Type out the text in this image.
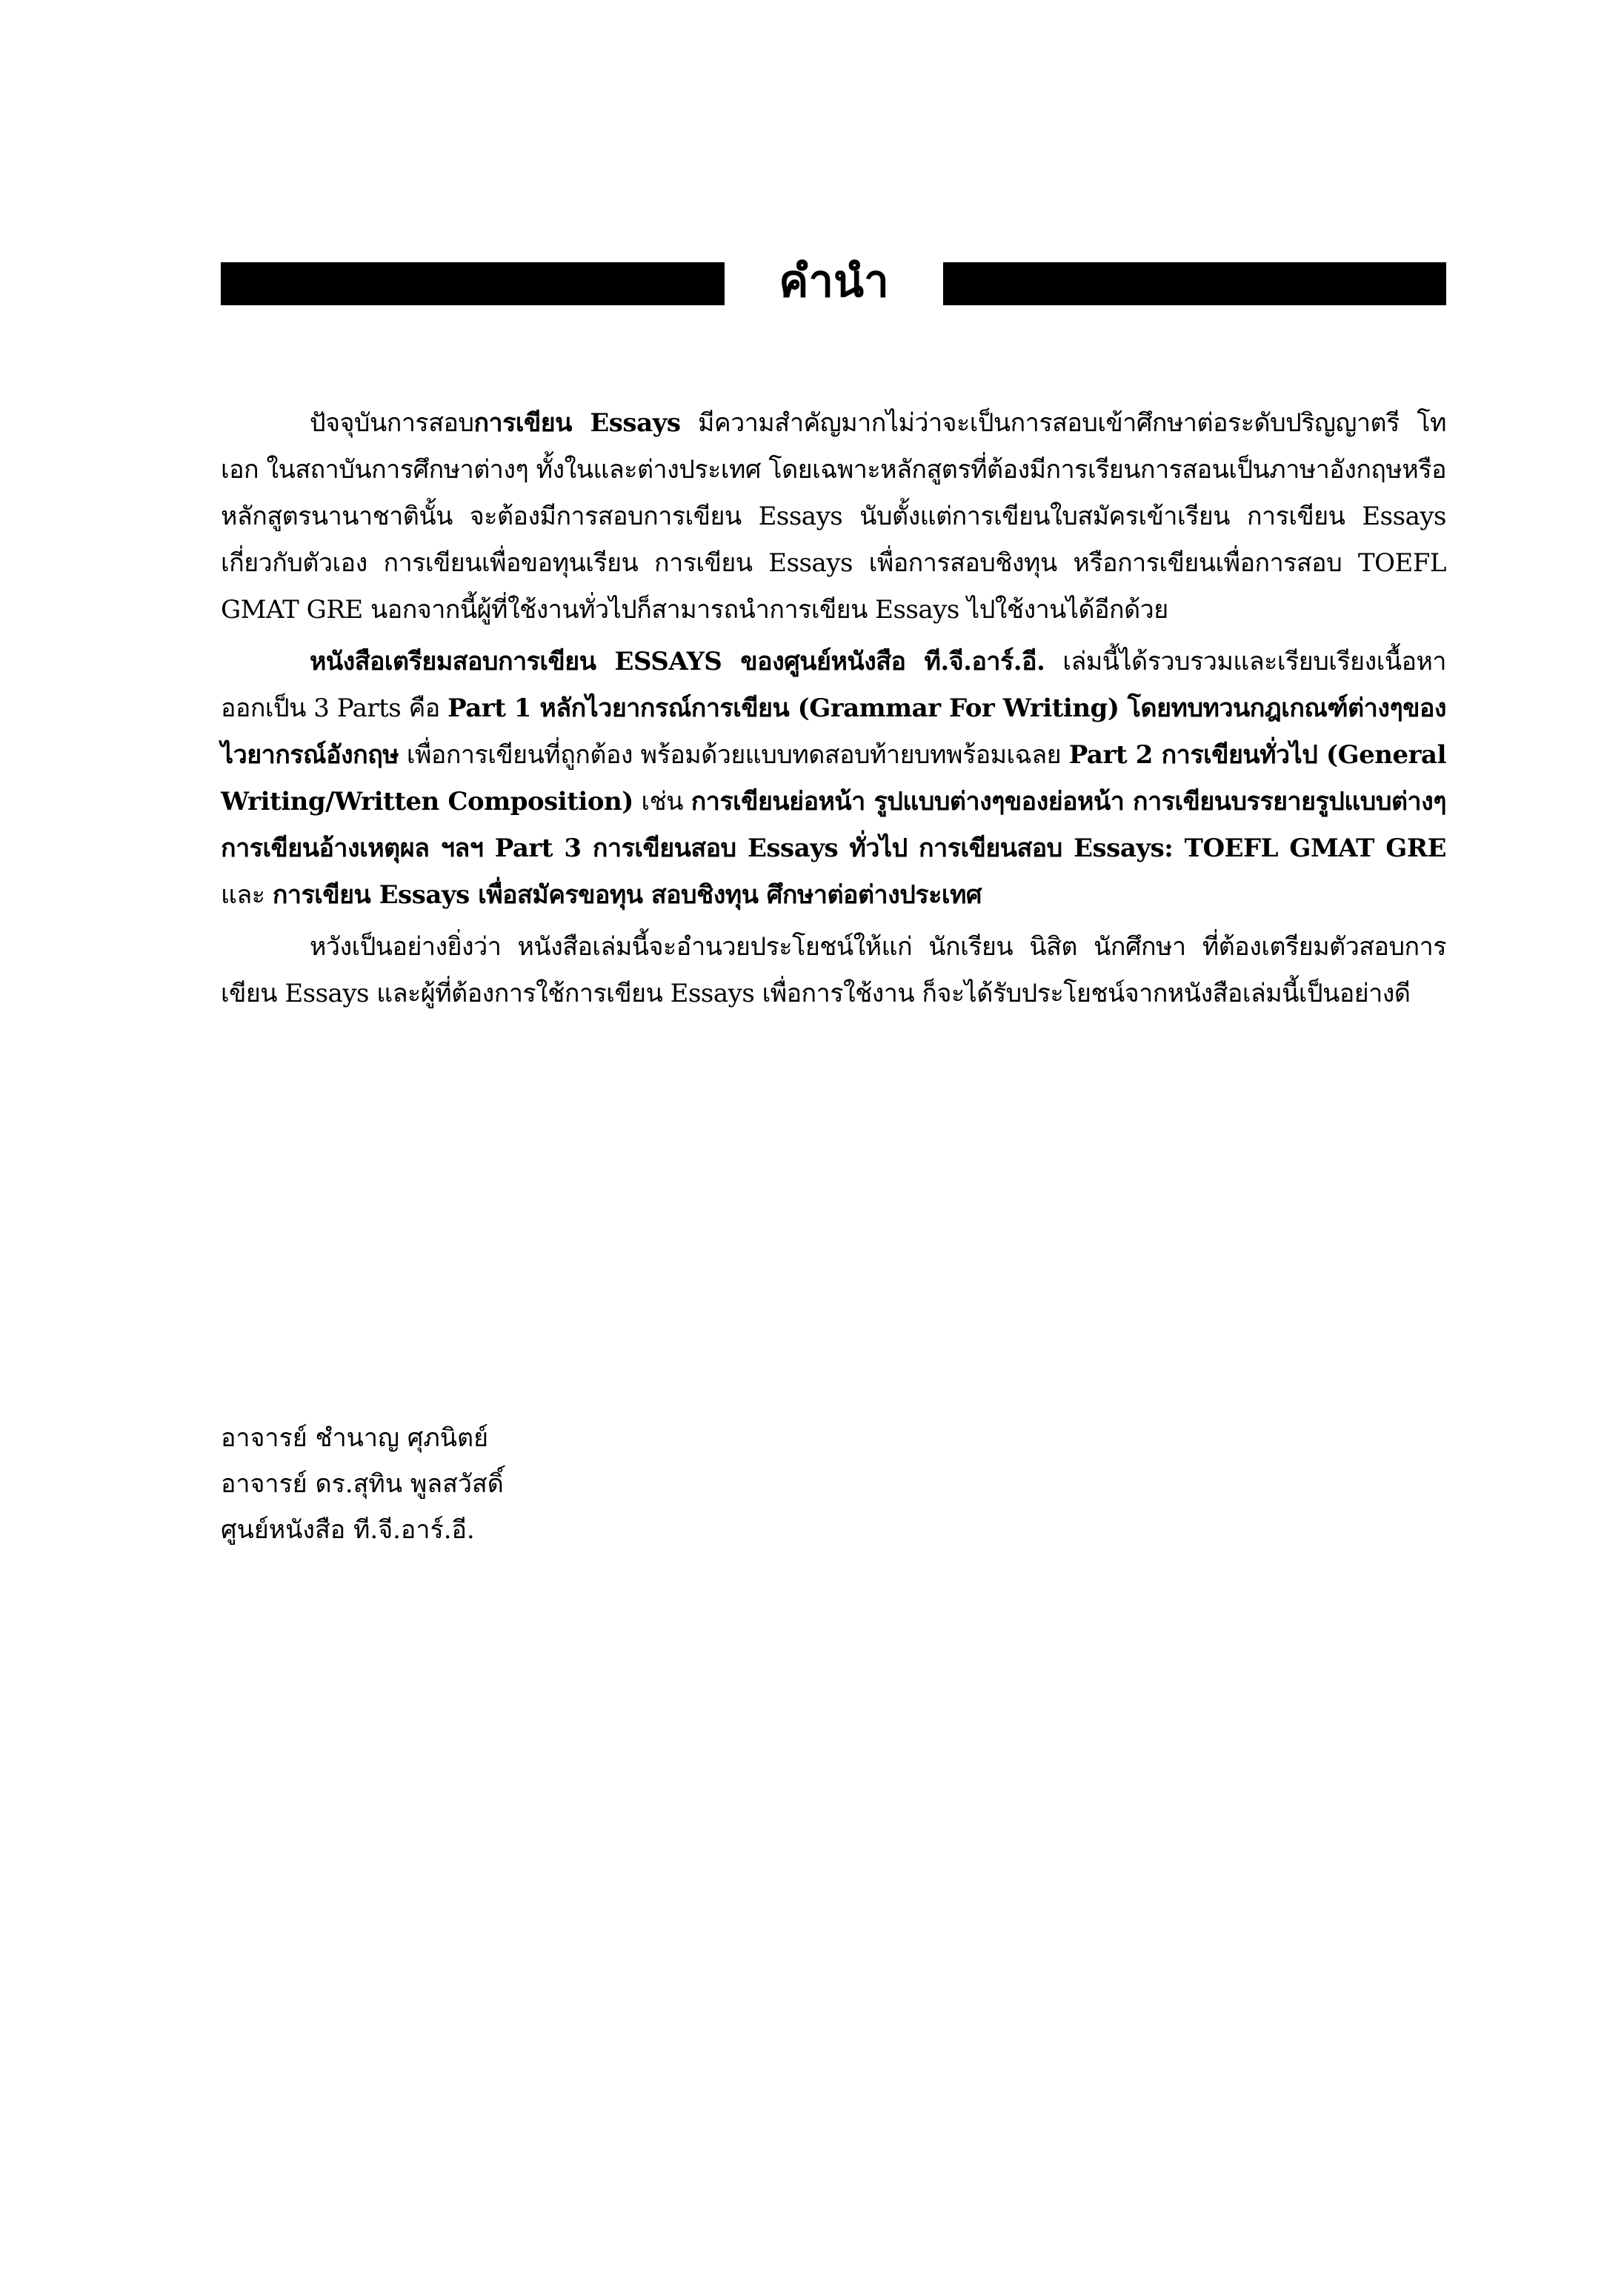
คำนำ

ปัจจุบันการสอบการเขียน Essays มีความสำคัญมากไม่ว่าจะเป็นการสอบเข้าศึกษาต่อระดับปริญญาตรี โท เอก ในสถาบันการศึกษาต่างๆ ทั้งในและต่างประเทศ โดยเฉพาะหลักสูตรที่ต้องมีการเรียนการสอนเป็นภาษาอังกฤษหรือหลักสูตรนานาชาตินั้น จะต้องมีการสอบการเขียน Essays นับตั้งแต่การเขียนใบสมัครเข้าเรียน การเขียน Essays เกี่ยวกับตัวเอง การเขียนเพื่อขอทุนเรียน การเขียน Essays เพื่อการสอบชิงทุน หรือการเขียนเพื่อการสอบ TOEFL GMAT GRE นอกจากนี้ผู้ที่ใช้งานทั่วไปก็สามารถนำการเขียน Essays ไปใช้งานได้อีกด้วย

หนังสือเตรียมสอบการเขียน ESSAYS ของศูนย์หนังสือ ที.จี.อาร์.อี. เล่มนี้ได้รวบรวมและเรียบเรียงเนื้อหาออกเป็น 3 Parts คือ Part 1 หลักไวยากรณ์การเขียน (Grammar For Writing) โดยทบทวนกฎเกณฑ์ต่างๆของไวยากรณ์อังกฤษ เพื่อการเขียนที่ถูกต้อง พร้อมด้วยแบบทดสอบท้ายบทพร้อมเฉลย Part 2 การเขียนทั่วไป (General Writing/Written Composition) เช่น การเขียนย่อหน้า รูปแบบต่างๆของย่อหน้า การเขียนบรรยายรูปแบบต่างๆ การเขียนอ้างเหตุผล ฯลฯ Part 3 การเขียนสอบ Essays ทั่วไป การเขียนสอบ Essays: TOEFL GMAT GRE และ การเขียน Essays เพื่อสมัครขอทุน สอบชิงทุน ศึกษาต่อต่างประเทศ

หวังเป็นอย่างยิ่งว่า หนังสือเล่มนี้จะอำนวยประโยชน์ให้แก่ นักเรียน นิสิต นักศึกษา ที่ต้องเตรียมตัวสอบการเขียน Essays และผู้ที่ต้องการใช้การเขียน Essays เพื่อการใช้งาน ก็จะได้รับประโยชน์จากหนังสือเล่มนี้เป็นอย่างดี

อาจารย์ ชำนาญ ศุภนิตย์
อาจารย์ ดร.สุทิน พูลสวัสดิ์
ศูนย์หนังสือ ที.จี.อาร์.อี.
